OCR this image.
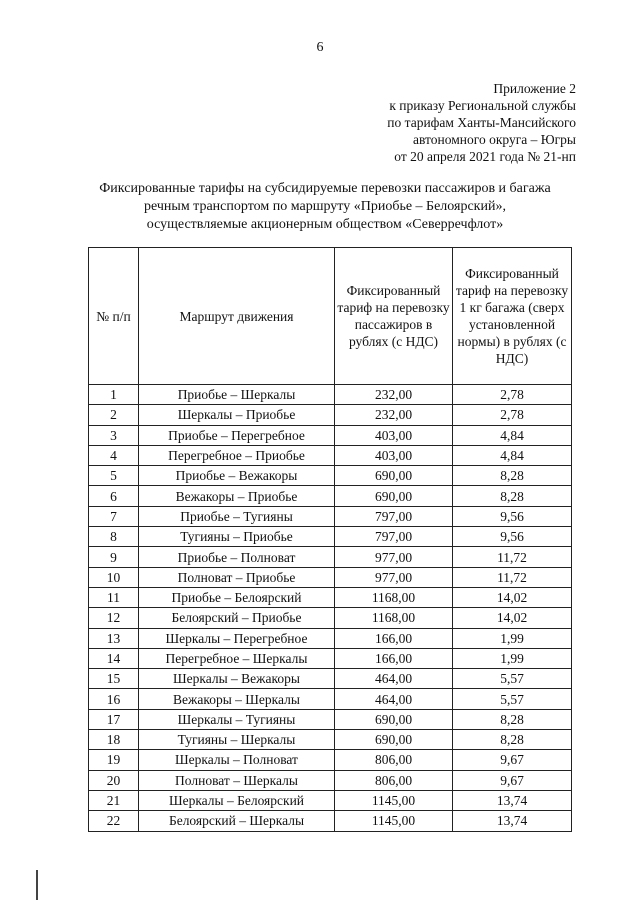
6
Приложение 2
к приказу Региональной службы
по тарифам Ханты-Мансийского
автономного округа – Югры
от 20 апреля 2021 года № 21-нп
Фиксированные тарифы на субсидируемые перевозки пассажиров и багажа
речным транспортом по маршруту «Приобье – Белоярский»,
осуществляемые акционерным обществом «Северречфлот»
№ п/п	Маршрут движения	Фиксированный тариф на перевозку пассажиров в рублях (с НДС)	Фиксированный тариф на перевозку 1 кг багажа (сверх установленной нормы) в рублях (с НДС)
1	Приобье – Шеркалы	232,00	2,78
2	Шеркалы – Приобье	232,00	2,78
3	Приобье – Перегребное	403,00	4,84
4	Перегребное – Приобье	403,00	4,84
5	Приобье – Вежакоры	690,00	8,28
6	Вежакоры – Приобье	690,00	8,28
7	Приобье – Тугияны	797,00	9,56
8	Тугияны – Приобье	797,00	9,56
9	Приобье – Полноват	977,00	11,72
10	Полноват – Приобье	977,00	11,72
11	Приобье – Белоярский	1168,00	14,02
12	Белоярский – Приобье	1168,00	14,02
13	Шеркалы – Перегребное	166,00	1,99
14	Перегребное – Шеркалы	166,00	1,99
15	Шеркалы – Вежакоры	464,00	5,57
16	Вежакоры – Шеркалы	464,00	5,57
17	Шеркалы – Тугияны	690,00	8,28
18	Тугияны – Шеркалы	690,00	8,28
19	Шеркалы – Полноват	806,00	9,67
20	Полноват – Шеркалы	806,00	9,67
21	Шеркалы – Белоярский	1145,00	13,74
22	Белоярский – Шеркалы	1145,00	13,74
